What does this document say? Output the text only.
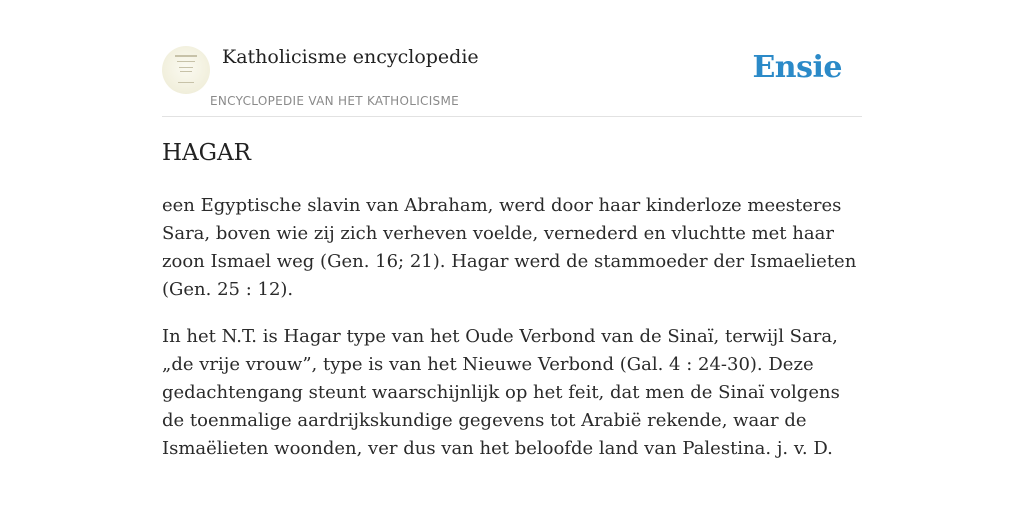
Katholicisme encyclopedie
ENCYCLOPEDIE VAN HET KATHOLICISME
Ensie
HAGAR

een Egyptische slavin van Abraham, werd door haar kinderloze meesteres Sara, boven wie zij zich verheven voelde, vernederd en vluchtte met haar zoon Ismael weg (Gen. 16; 21). Hagar werd de stammoeder der Ismaelieten (Gen. 25 : 12).

In het N.T. is Hagar type van het Oude Verbond van de Sinaï, terwijl Sara, „de vrije vrouw”, type is van het Nieuwe Verbond (Gal. 4 : 24-30). Deze gedachtengang steunt waarschijnlijk op het feit, dat men de Sinaï volgens de toenmalige aardrijkskundige gegevens tot Arabië rekende, waar de Ismaëlieten woonden, ver dus van het beloofde land van Palestina. j. v. D.
